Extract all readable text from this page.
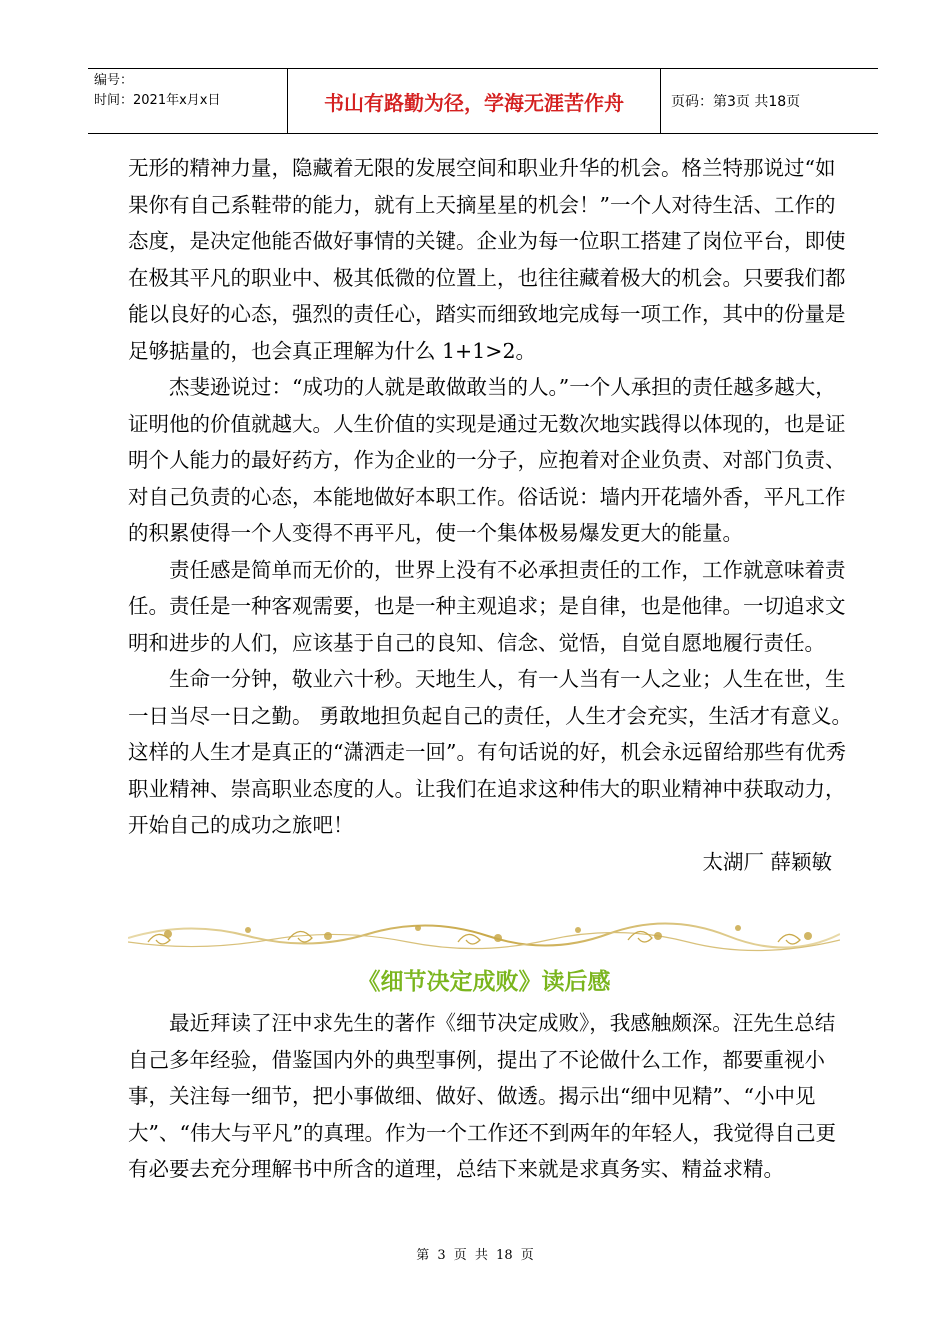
编号：
时间：2021年x月x日	书山有路勤为径，学海无涯苦作舟	页码：第3页 共18页

无形的精神力量，隐藏着无限的发展空间和职业升华的机会。格兰特那说过“如果你有自己系鞋带的能力，就有上天摘星星的机会！”一个人对待生活、工作的态度，是决定他能否做好事情的关键。企业为每一位职工搭建了岗位平台，即使在极其平凡的职业中、极其低微的位置上，也往往藏着极大的机会。只要我们都能以良好的心态，强烈的责任心，踏实而细致地完成每一项工作，其中的份量是足够掂量的，也会真正理解为什么 1+1>2。

杰斐逊说过：“成功的人就是敢做敢当的人。”一个人承担的责任越多越大，证明他的价值就越大。人生价值的实现是通过无数次地实践得以体现的，也是证明个人能力的最好药方，作为企业的一分子，应抱着对企业负责、对部门负责、对自己负责的心态，本能地做好本职工作。俗话说：墙内开花墙外香，平凡工作的积累使得一个人变得不再平凡，使一个集体极易爆发更大的能量。

责任感是简单而无价的，世界上没有不必承担责任的工作，工作就意味着责任。责任是一种客观需要，也是一种主观追求；是自律，也是他律。一切追求文明和进步的人们，应该基于自己的良知、信念、觉悟，自觉自愿地履行责任。

生命一分钟，敬业六十秒。天地生人，有一人当有一人之业；人生在世，生一日当尽一日之勤。 勇敢地担负起自己的责任，人生才会充实，生活才有意义。这样的人生才是真正的“潇洒走一回”。有句话说的好，机会永远留给那些有优秀职业精神、崇高职业态度的人。让我们在追求这种伟大的职业精神中获取动力，开始自己的成功之旅吧！

太湖厂 薛颖敏
《细节决定成败》读后感

最近拜读了汪中求先生的著作《细节决定成败》，我感触颇深。汪先生总结自己多年经验，借鉴国内外的典型事例，提出了不论做什么工作，都要重视小事，关注每一细节，把小事做细、做好、做透。揭示出“细中见精”、“小中见大”、“伟大与平凡”的真理。作为一个工作还不到两年的年轻人，我觉得自己更有必要去充分理解书中所含的道理，总结下来就是求真务实、精益求精。

第 3 页 共 18 页
